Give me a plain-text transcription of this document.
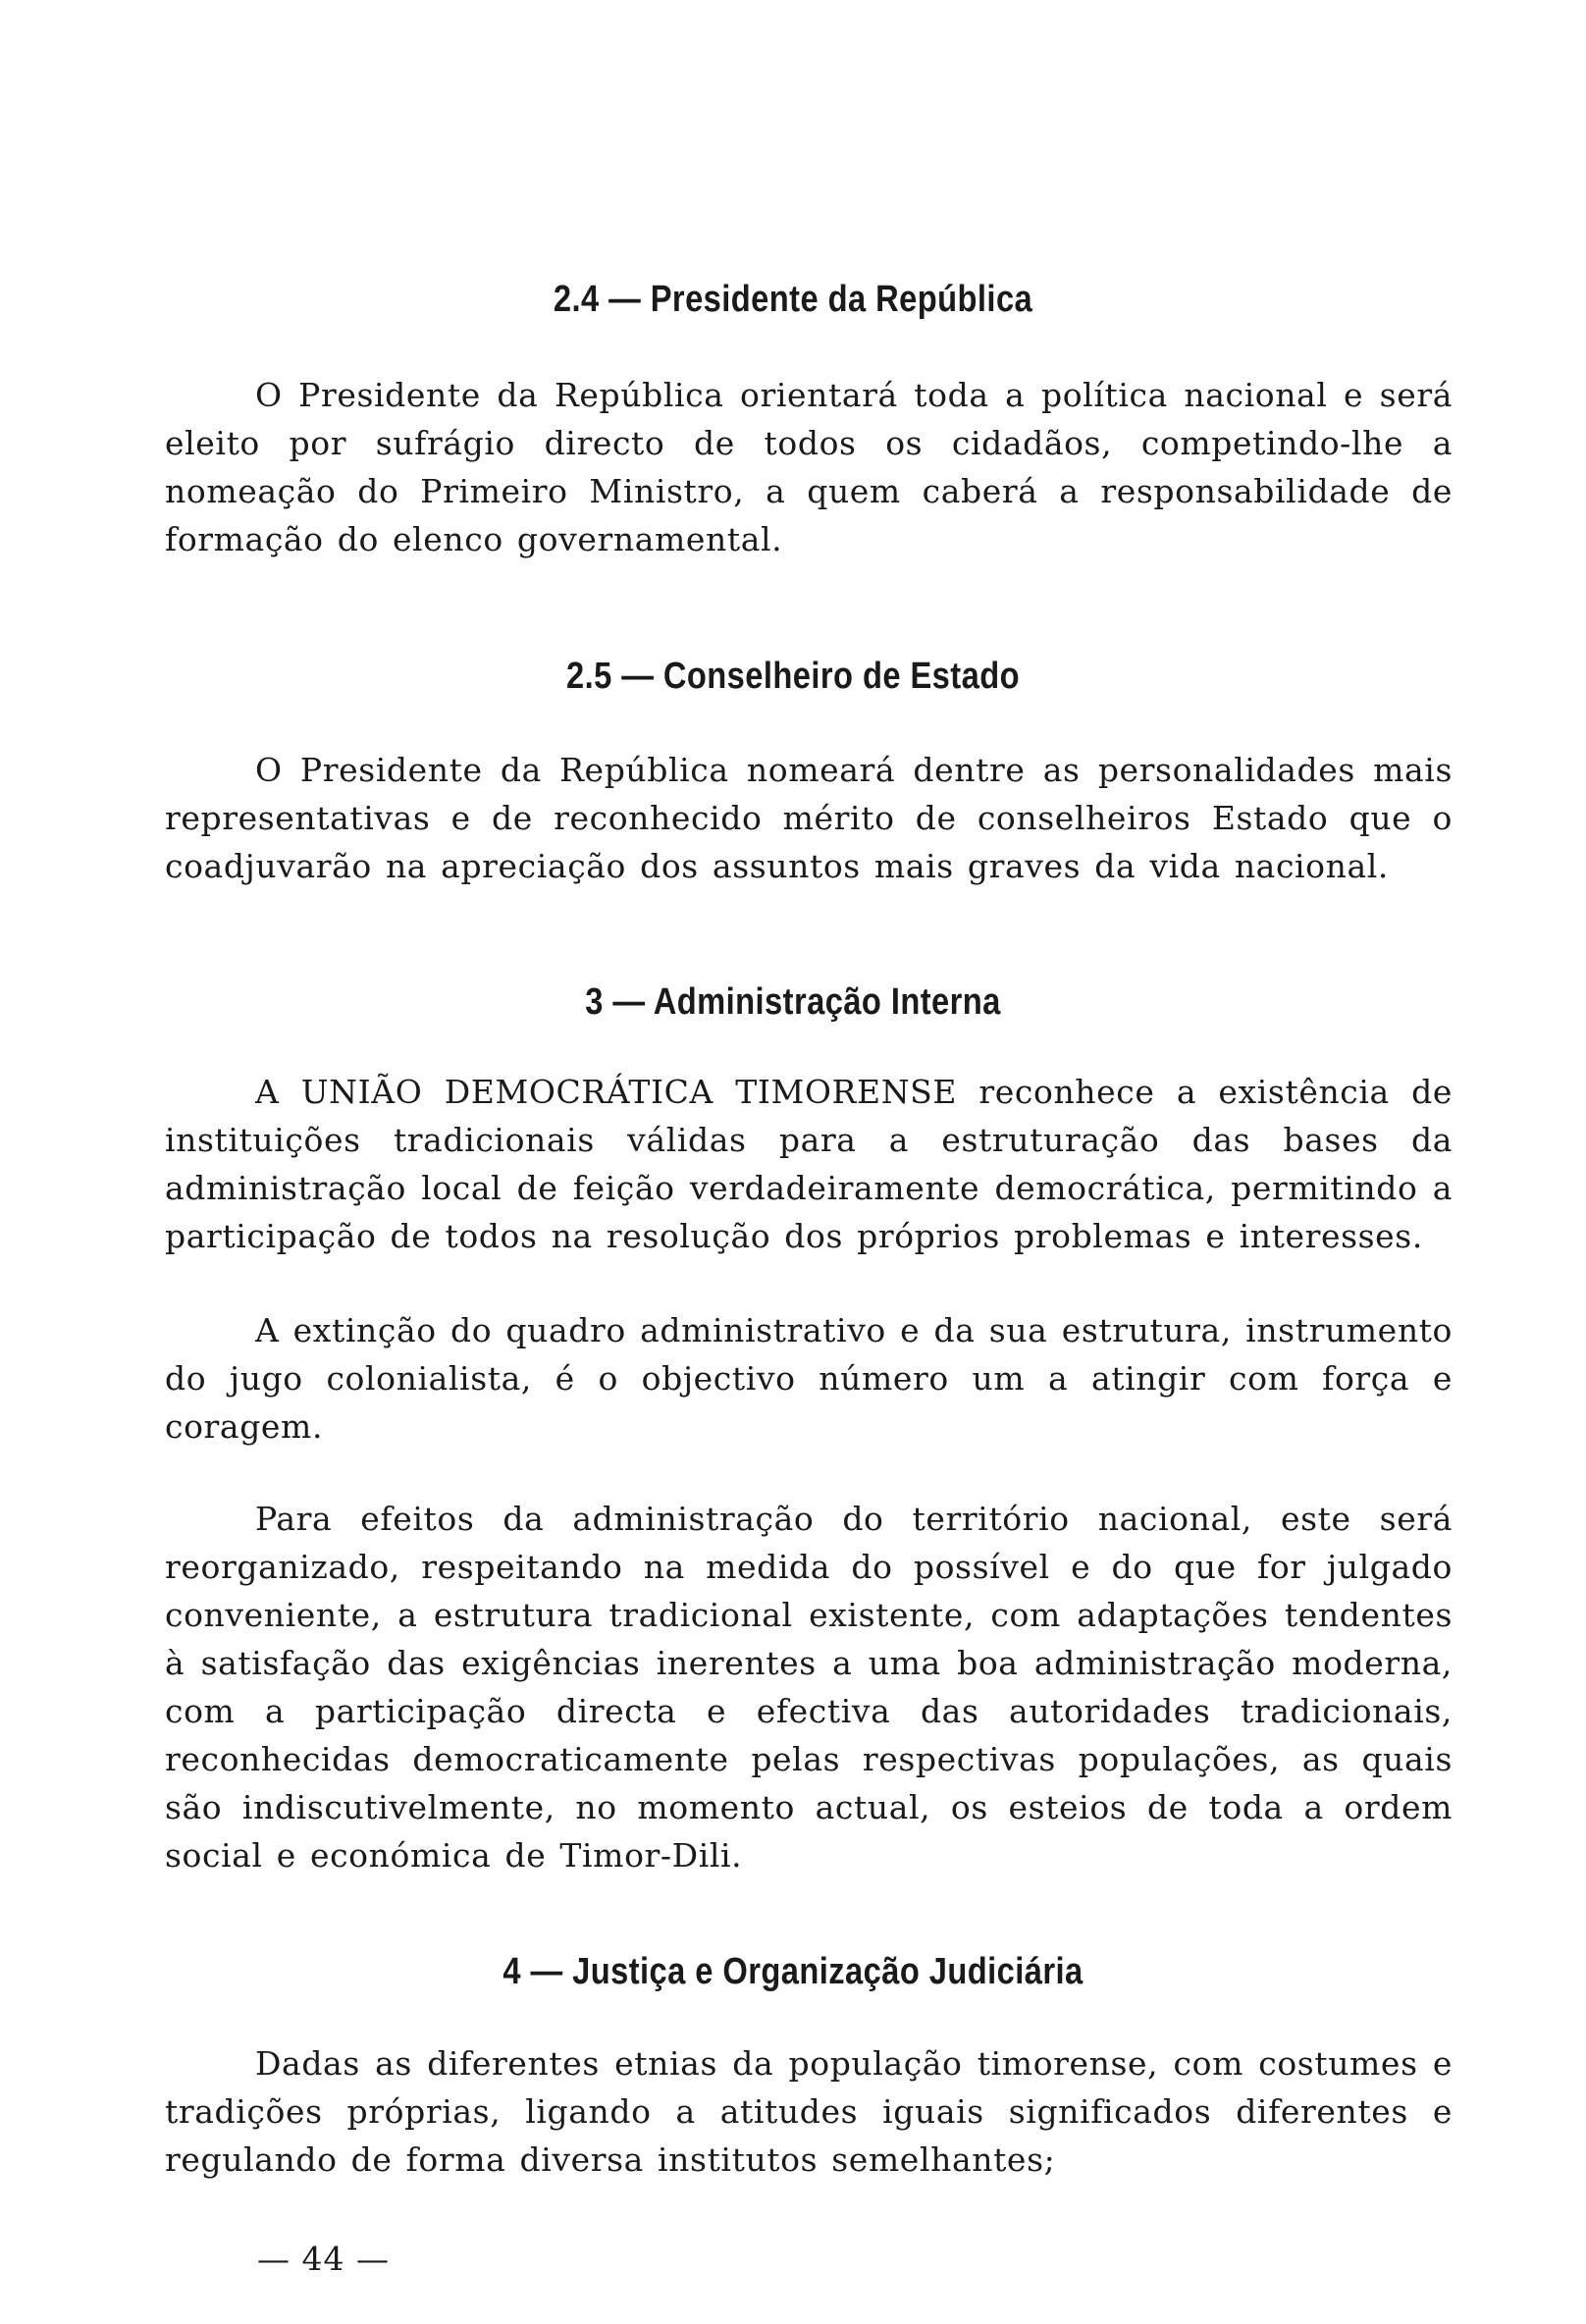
2.4 — Presidente da República

O Presidente da República orientará toda a política nacional e será eleito por sufrágio directo de todos os cidadãos, competindo-lhe a nomeação do Primeiro Ministro, a quem caberá a responsabilidade de formação do elenco governamental.

2.5 — Conselheiro de Estado

O Presidente da República nomeará dentre as personalidades mais representativas e de reconhecido mérito de conselheiros Estado que o coadjuvarão na apreciação dos assuntos mais graves da vida nacional.

3 — Administração Interna

A UNIÃO DEMOCRÁTICA TIMORENSE reconhece a existência de instituições tradicionais válidas para a estruturação das bases da administração local de feição verdadeiramente democrática, permitindo a participação de todos na resolução dos próprios problemas e interesses.

A extinção do quadro administrativo e da sua estrutura, instrumento do jugo colonialista, é o objectivo número um a atingir com força e coragem.

Para efeitos da administração do território nacional, este será reorganizado, respeitando na medida do possível e do que for julgado conveniente, a estrutura tradicional existente, com adaptações tendentes à satisfação das exigências inerentes a uma boa administração moderna, com a participação directa e efectiva das autoridades tradicionais, reconhecidas democraticamente pelas respectivas populações, as quais são indiscutivelmente, no momento actual, os esteios de toda a ordem social e económica de Timor-Dili.

4 — Justiça e Organização Judiciária

Dadas as diferentes etnias da população timorense, com costumes e tradições próprias, ligando a atitudes iguais significados diferentes e regulando de forma diversa institutos semelhantes;

— 44 —
